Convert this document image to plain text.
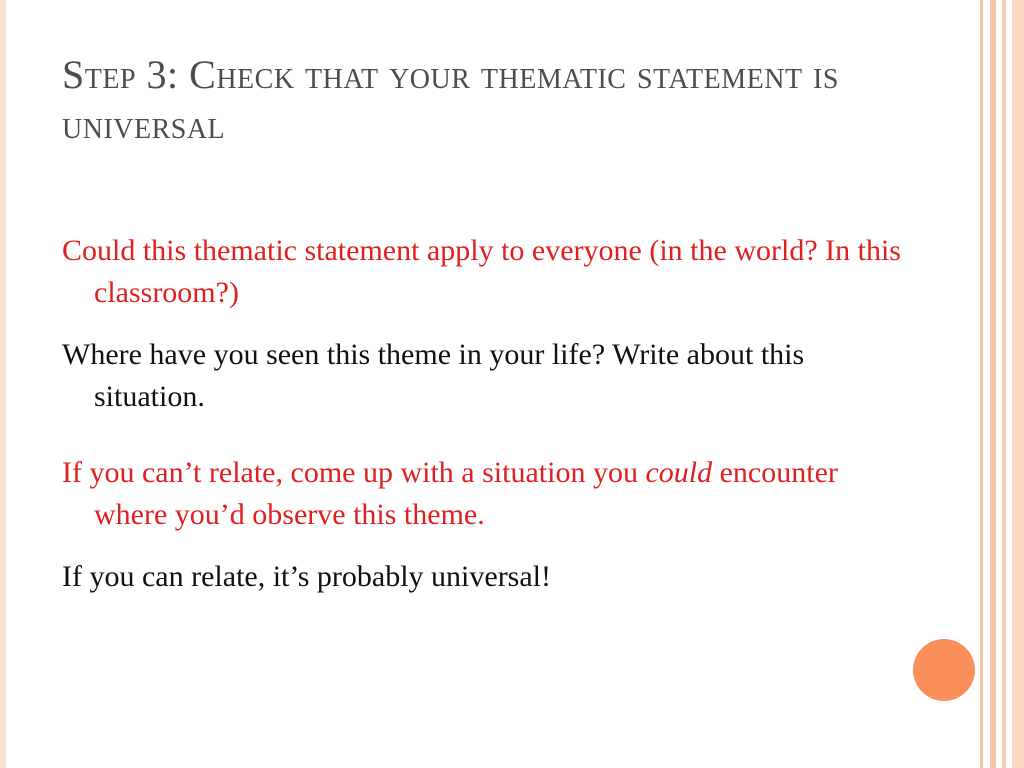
Step 3: Check that your thematic statement is universal

Could this thematic statement apply to everyone (in the world? In this classroom?)

Where have you seen this theme in your life? Write about this situation.

If you can’t relate, come up with a situation you could encounter where you’d observe this theme.

If you can relate, it’s probably universal!
